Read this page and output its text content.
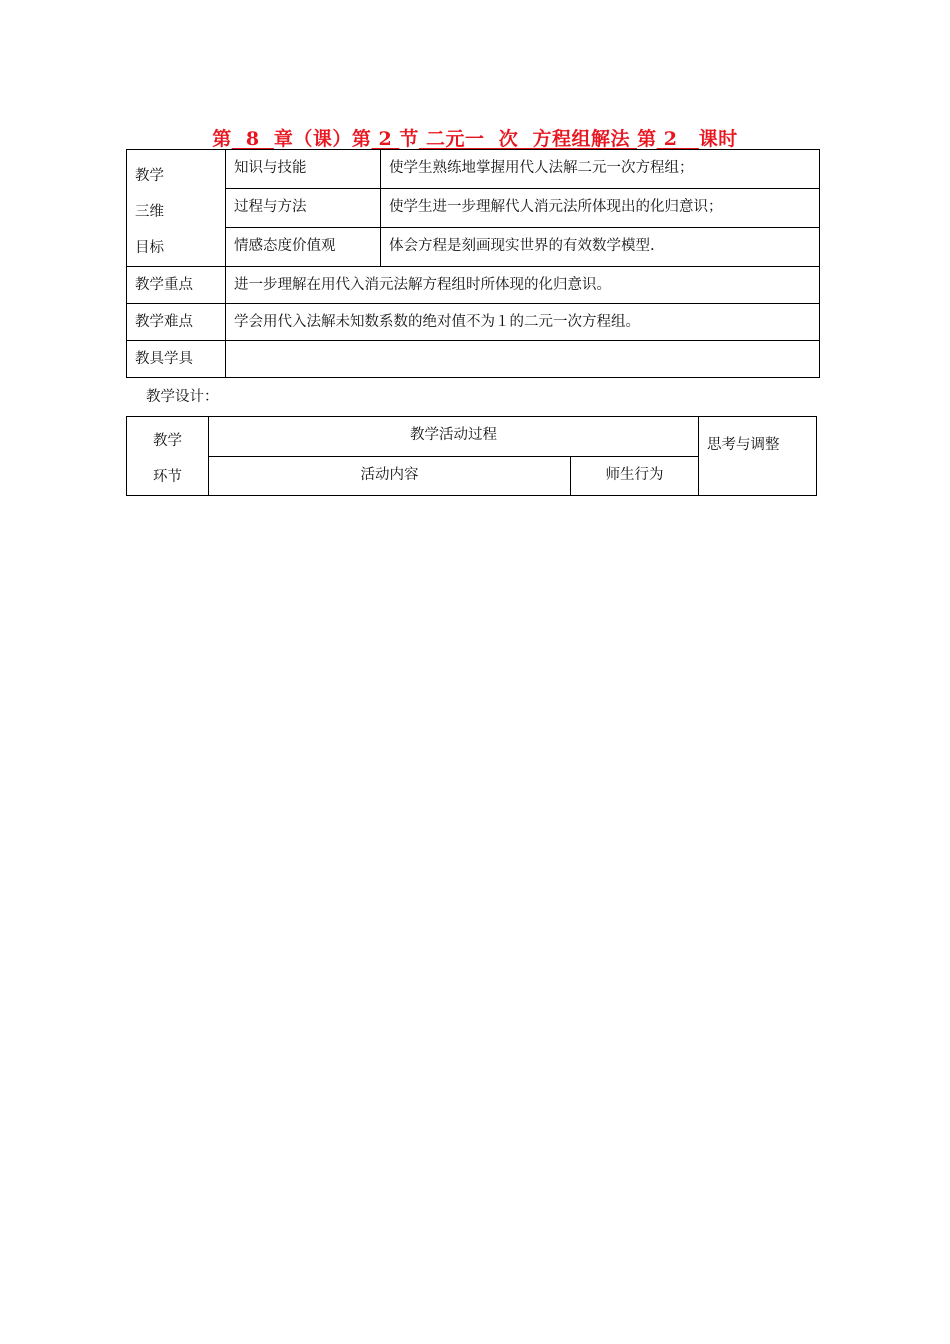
第  8  章（课）第 2 节 二元一  次  方程组解法 第 2   课时
教学
三维
目标	知识与技能	使学生熟练地掌握用代人法解二元一次方程组；
	过程与方法	使学生进一步理解代人消元法所体现出的化归意识；
	情感态度价值观	体会方程是刻画现实世界的有效数学模型.
教学重点	进一步理解在用代入消元法解方程组时所体现的化归意识。	
教学难点	学会用代入法解未知数系数的绝对值不为１的二元一次方程组。	
教具学具		
教学设计：
教学
环节	教学活动过程		思考与调整
	活动内容	师生行为	
